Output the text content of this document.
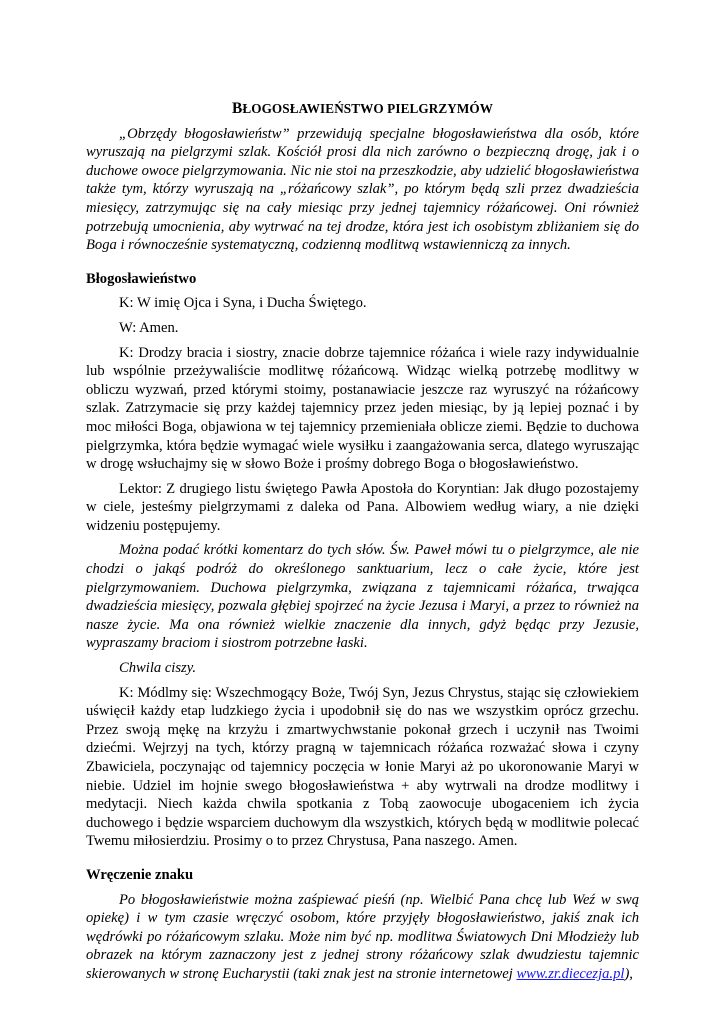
BŁOGOSŁAWIEŃSTWO PIELGRZYMÓW

„Obrzędy błogosławieństw” przewidują specjalne błogosławieństwa dla osób, które wyruszają na pielgrzymi szlak. Kościół prosi dla nich zarówno o bezpieczną drogę, jak i o duchowe owoce pielgrzymowania. Nic nie stoi na przeszkodzie, aby udzielić błogosławieństwa także tym, którzy wyruszają na „różańcowy szlak”, po którym będą szli przez dwadzieścia miesięcy, zatrzymując się na cały miesiąc przy jednej tajemnicy różańcowej. Oni również potrzebują umocnienia, aby wytrwać na tej drodze, która jest ich osobistym zbliżaniem się do Boga i równocześnie systematyczną, codzienną modlitwą wstawienniczą za innych.

Błogosławieństwo

K: W imię Ojca i Syna, i Ducha Świętego.

W: Amen.

K: Drodzy bracia i siostry, znacie dobrze tajemnice różańca i wiele razy indywidualnie lub wspólnie przeżywaliście modlitwę różańcową. Widząc wielką potrzebę modlitwy w obliczu wyzwań, przed którymi stoimy, postanawiacie jeszcze raz wyruszyć na różańcowy szlak. Zatrzymacie się przy każdej tajemnicy przez jeden miesiąc, by ją lepiej poznać i by moc miłości Boga, objawiona w tej tajemnicy przemieniała oblicze ziemi. Będzie to duchowa pielgrzymka, która będzie wymagać wiele wysiłku i zaangażowania serca, dlatego wyruszając w drogę wsłuchajmy się w słowo Boże i prośmy dobrego Boga o błogosławieństwo.

Lektor: Z drugiego listu świętego Pawła Apostoła do Koryntian: Jak długo pozostajemy w ciele, jesteśmy pielgrzymami z daleka od Pana. Albowiem według wiary, a nie dzięki widzeniu postępujemy.

Można podać krótki komentarz do tych słów. Św. Paweł mówi tu o pielgrzymce, ale nie chodzi o jakąś podróż do określonego sanktuarium, lecz o całe życie, które jest pielgrzymowaniem. Duchowa pielgrzymka, związana z tajemnicami różańca, trwająca dwadzieścia miesięcy, pozwala głębiej spojrzeć na życie Jezusa i Maryi, a przez to również na nasze życie. Ma ona również wielkie znaczenie dla innych, gdyż będąc przy Jezusie, wypraszamy braciom i siostrom potrzebne łaski.

Chwila ciszy.

K: Módlmy się: Wszechmogący Boże, Twój Syn, Jezus Chrystus, stając się człowiekiem uświęcił każdy etap ludzkiego życia i upodobnił się do nas we wszystkim oprócz grzechu. Przez swoją mękę na krzyżu i zmartwychwstanie pokonał grzech i uczynił nas Twoimi dziećmi. Wejrzyj na tych, którzy pragną w tajemnicach różańca rozważać słowa i czyny Zbawiciela, poczynając od tajemnicy poczęcia w łonie Maryi aż po ukoronowanie Maryi w niebie. Udziel im hojnie swego błogosławieństwa + aby wytrwali na drodze modlitwy i medytacji. Niech każda chwila spotkania z Tobą zaowocuje ubogaceniem ich życia duchowego i będzie wsparciem duchowym dla wszystkich, których będą w modlitwie polecać Twemu miłosierdziu. Prosimy o to przez Chrystusa, Pana naszego. Amen.

Wręczenie znaku

Po błogosławieństwie można zaśpiewać pieśń (np. Wielbić Pana chcę lub Weź w swą opiekę) i w tym czasie wręczyć osobom, które przyjęły błogosławieństwo, jakiś znak ich wędrówki po różańcowym szlaku. Może nim być np. modlitwa Światowych Dni Młodzieży lub obrazek na którym zaznaczony jest z jednej strony różańcowy szlak dwudziestu tajemnic skierowanych w stronę Eucharystii (taki znak jest na stronie internetowej www.zr.diecezja.pl),
